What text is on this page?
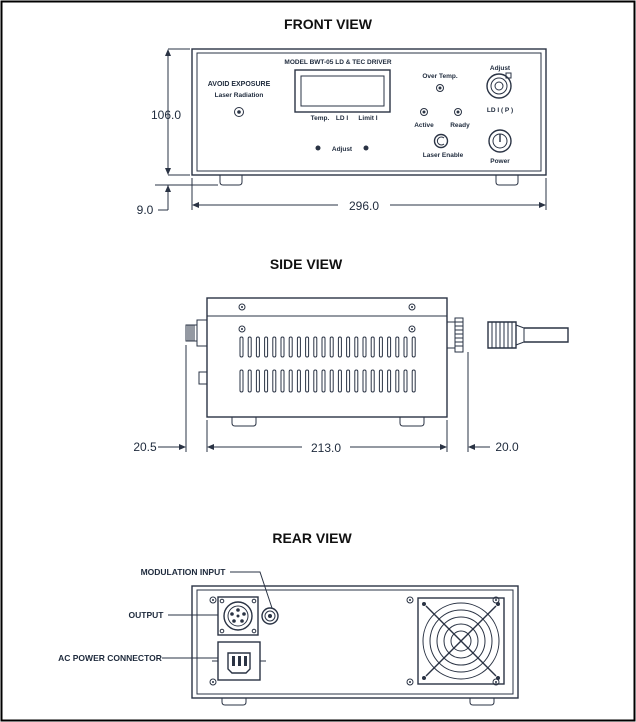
FRONT VIEW
MODEL BWT-05 LD & TEC DRIVER
AVOID EXPOSURE
Laser Radiation
Temp. LD I Limit I
Over Temp.
Active	Ready
Adjust
LD I ( P )
Adjust
Laser Enable
Power
106.0
9.0	296.0
SIDE VIEW
20.5	213.0	20.0
REAR VIEW
MODULATION INPUT
OUTPUT
AC POWER CONNECTOR
